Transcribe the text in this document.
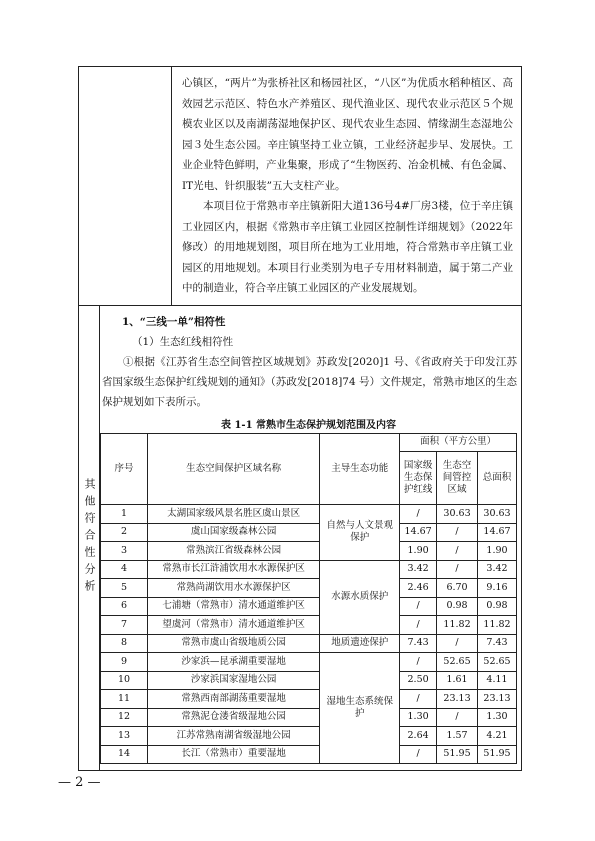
心镇区，“两片”为张桥社区和杨园社区，“八区”为优质水稻种植区、高效园艺示范区、特色水产养殖区、现代渔业区、现代农业示范区５个规模农业区以及南湖荡湿地保护区、现代农业生态园、情缘湖生态湿地公园３处生态公园。辛庄镇坚持工业立镇，工业经济起步早、发展快。工业企业特色鲜明，产业集聚，形成了“生物医药、冶金机械、有色金属、IT光电、针织服装”五大支柱产业。

本项目位于常熟市辛庄镇新阳大道136号4#厂房3楼，位于辛庄镇工业园区内，根据《常熟市辛庄镇工业园区控制性详细规划》（2022年修改）的用地规划图，项目所在地为工业用地，符合常熟市辛庄镇工业园区的用地规划。本项目行业类别为电子专用材料制造，属于第二产业中的制造业，符合辛庄镇工业园区的产业发展规划。

其他符合性分析
1、“三线一单”相符性
（1）生态红线相符性

①根据《江苏省生态空间管控区域规划》苏政发[2020]1 号、《省政府关于印发江苏省国家级生态保护红线规划的通知》（苏政发[2018]74 号）文件规定，常熟市地区的生态保护规划如下表所示。

表 1-1 常熟市生态保护规划范围及内容
序号	生态空间保护区域名称	主导生态功能	面积（平方公里）		
			国家级生态保护红线	生态空间管控区域	总面积
1	太湖国家级风景名胜区虞山景区	自然与人文景观保护	/	30.63	30.63
2	虞山国家级森林公园		14.67	/	14.67
3	常熟滨江省级森林公园		1.90	/	1.90
4	常熟市长江浒浦饮用水水源保护区	水源水质保护	3.42	/	3.42
5	常熟尚湖饮用水水源保护区		2.46	6.70	9.16
6	七浦塘（常熟市）清水通道维护区		/	0.98	0.98
7	望虞河（常熟市）清水通道维护区		/	11.82	11.82
8	常熟市虞山省级地质公园	地质遗迹保护	7.43	/	7.43
9	沙家浜—昆承湖重要湿地	湿地生态系统保护	/	52.65	52.65
10	沙家浜国家湿地公园		2.50	1.61	4.11
11	常熟西南部湖荡重要湿地		/	23.13	23.13
12	常熟泥仓溇省级湿地公园		1.30	/	1.30
13	江苏常熟南湖省级湿地公园		2.64	1.57	4.21
14	长江（常熟市）重要湿地		/	51.95	51.95
— 2 —
